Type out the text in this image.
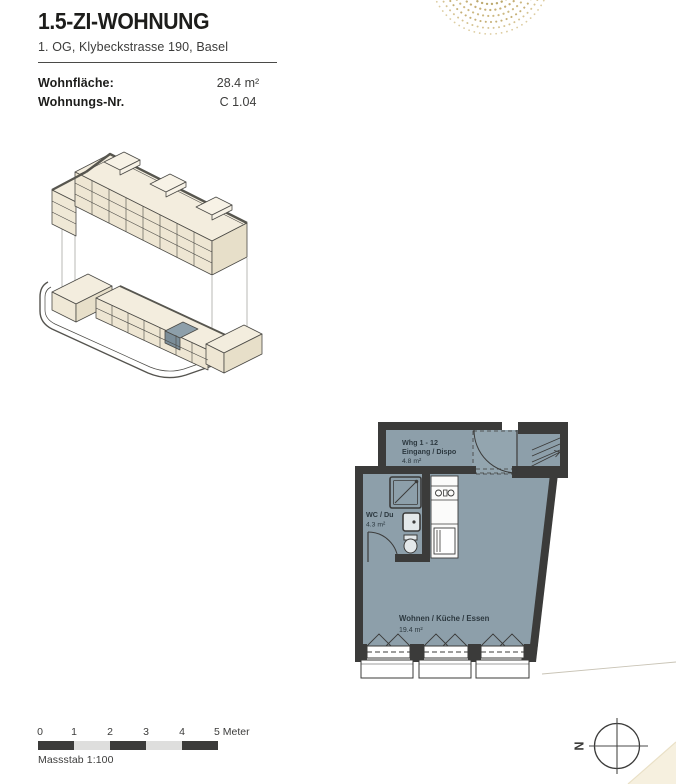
1.5-ZI-WOHNUNG
1. OG, Klybeckstrasse 190, Basel
Wohnfläche:	28.4 m²
Wohnungs-Nr.	C 1.04
Whg 1 - 12
Eingang / Dispo
4.8 m²
WC / Du
4.3 m²
Wohnen / Küche / Essen
19.4 m²
0	1	2	3	4	5 Meter
Massstab 1:100
N
